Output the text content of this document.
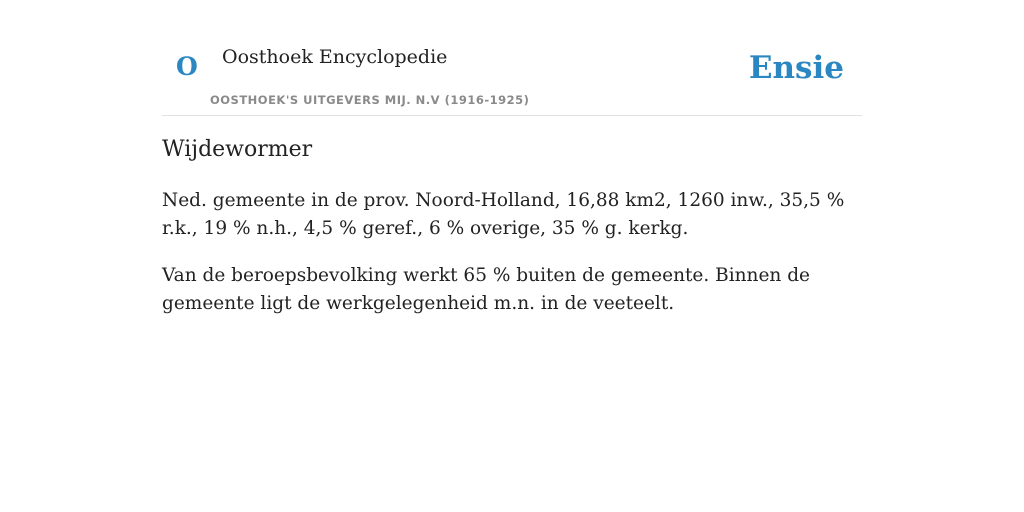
O Oosthoek Encyclopedie
OOSTHOEK'S UITGEVERS MIJ. N.V (1916-1925)
Ensie
Wijdewormer

Ned. gemeente in de prov. Noord-Holland, 16,88 km2, 1260 inw., 35,5 % r.k., 19 % n.h., 4,5 % geref., 6 % overige, 35 % g. kerkg.

Van de beroepsbevolking werkt 65 % buiten de gemeente. Binnen de gemeente ligt de werkgelegenheid m.n. in de veeteelt.
